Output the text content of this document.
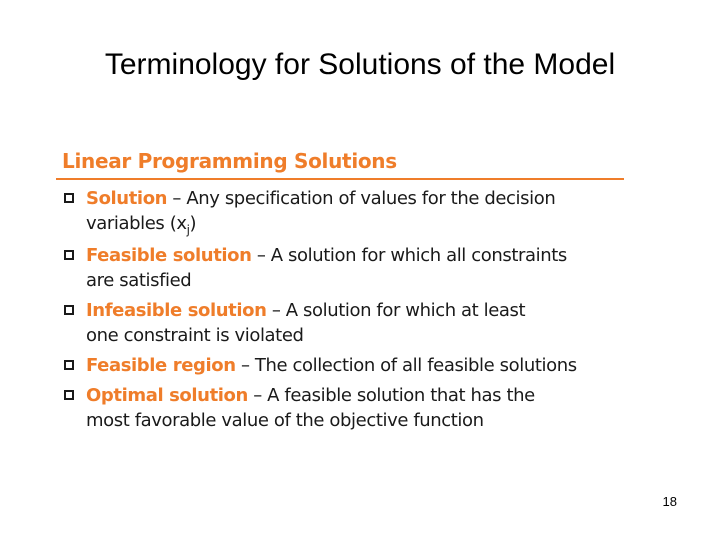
Terminology for Solutions of the Model
Linear Programming Solutions
Solution – Any specification of values for the decision variables $(x_j)$
Feasible solution – A solution for which all constraints are satisfied
Infeasible solution – A solution for which at least one constraint is violated
Feasible region – The collection of all feasible solutions
Optimal solution – A feasible solution that has the most favorable value of the objective function
18
